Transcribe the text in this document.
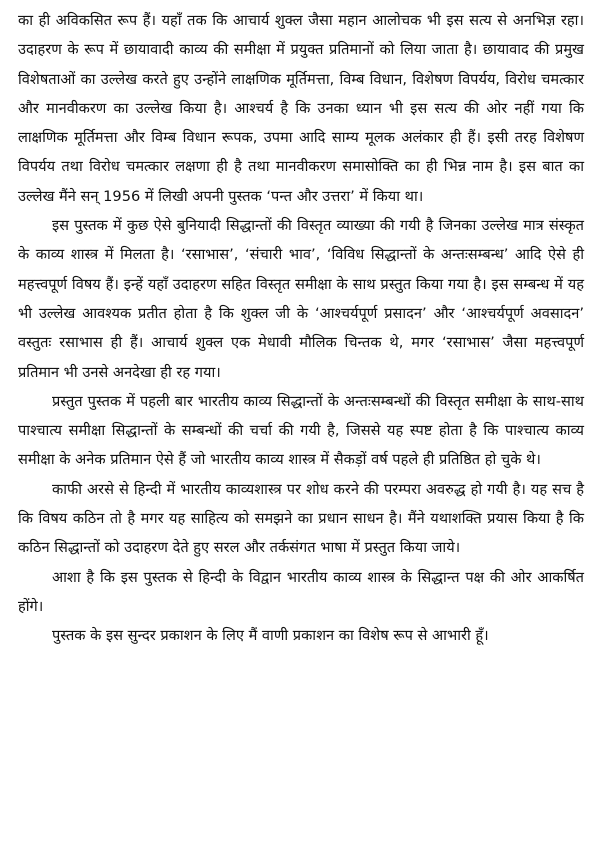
का ही अविकसित रूप हैं। यहाँ तक कि आचार्य शुक्ल जैसा महान आलोचक भी इस सत्य से अनभिज्ञ रहा। उदाहरण के रूप में छायावादी काव्य की समीक्षा में प्रयुक्त प्रतिमानों को लिया जाता है। छायावाद की प्रमुख विशेषताओं का उल्लेख करते हुए उन्होंने लाक्षणिक मूर्तिमत्ता, विम्ब विधान, विशेषण विपर्यय, विरोध चमत्कार और मानवीकरण का उल्लेख किया है। आश्चर्य है कि उनका ध्यान भी इस सत्य की ओर नहीं गया कि लाक्षणिक मूर्तिमत्ता और विम्ब विधान रूपक, उपमा आदि साम्य मूलक अलंकार ही हैं। इसी तरह विशेषण विपर्यय तथा विरोध चमत्कार लक्षणा ही है तथा मानवीकरण समासोक्ति का ही भिन्न नाम है। इस बात का उल्लेख मैंने सन् 1956 में लिखी अपनी पुस्तक ‘पन्त और उत्तरा’ में किया था।

इस पुस्तक में कुछ ऐसे बुनियादी सिद्धान्तों की विस्तृत व्याख्या की गयी है जिनका उल्लेख मात्र संस्कृत के काव्य शास्त्र में मिलता है। ‘रसाभास’, ‘संचारी भाव’, ‘विविध सिद्धान्तों के अन्तःसम्बन्ध’ आदि ऐसे ही महत्त्वपूर्ण विषय हैं। इन्हें यहाँ उदाहरण सहित विस्तृत समीक्षा के साथ प्रस्तुत किया गया है। इस सम्बन्ध में यह भी उल्लेख आवश्यक प्रतीत होता है कि शुक्ल जी के ‘आश्चर्यपूर्ण प्रसादन’ और ‘आश्चर्यपूर्ण अवसादन’ वस्तुतः रसाभास ही हैं। आचार्य शुक्ल एक मेधावी मौलिक चिन्तक थे, मगर ‘रसाभास’ जैसा महत्त्वपूर्ण प्रतिमान भी उनसे अनदेखा ही रह गया।

प्रस्तुत पुस्तक में पहली बार भारतीय काव्य सिद्धान्तों के अन्तःसम्बन्धों की विस्तृत समीक्षा के साथ-साथ पाश्चात्य समीक्षा सिद्धान्तों के सम्बन्धों की चर्चा की गयी है, जिससे यह स्पष्ट होता है कि पाश्चात्य काव्य समीक्षा के अनेक प्रतिमान ऐसे हैं जो भारतीय काव्य शास्त्र में सैकड़ों वर्ष पहले ही प्रतिष्ठित हो चुके थे।

काफी अरसे से हिन्दी में भारतीय काव्यशास्त्र पर शोध करने की परम्परा अवरुद्ध हो गयी है। यह सच है कि विषय कठिन तो है मगर यह साहित्य को समझने का प्रधान साधन है। मैंने यथाशक्ति प्रयास किया है कि कठिन सिद्धान्तों को उदाहरण देते हुए सरल और तर्कसंगत भाषा में प्रस्तुत किया जाये।

आशा है कि इस पुस्तक से हिन्दी के विद्वान भारतीय काव्य शास्त्र के सिद्धान्त पक्ष की ओर आकर्षित होंगे।

पुस्तक के इस सुन्दर प्रकाशन के लिए मैं वाणी प्रकाशन का विशेष रूप से आभारी हूँ।
